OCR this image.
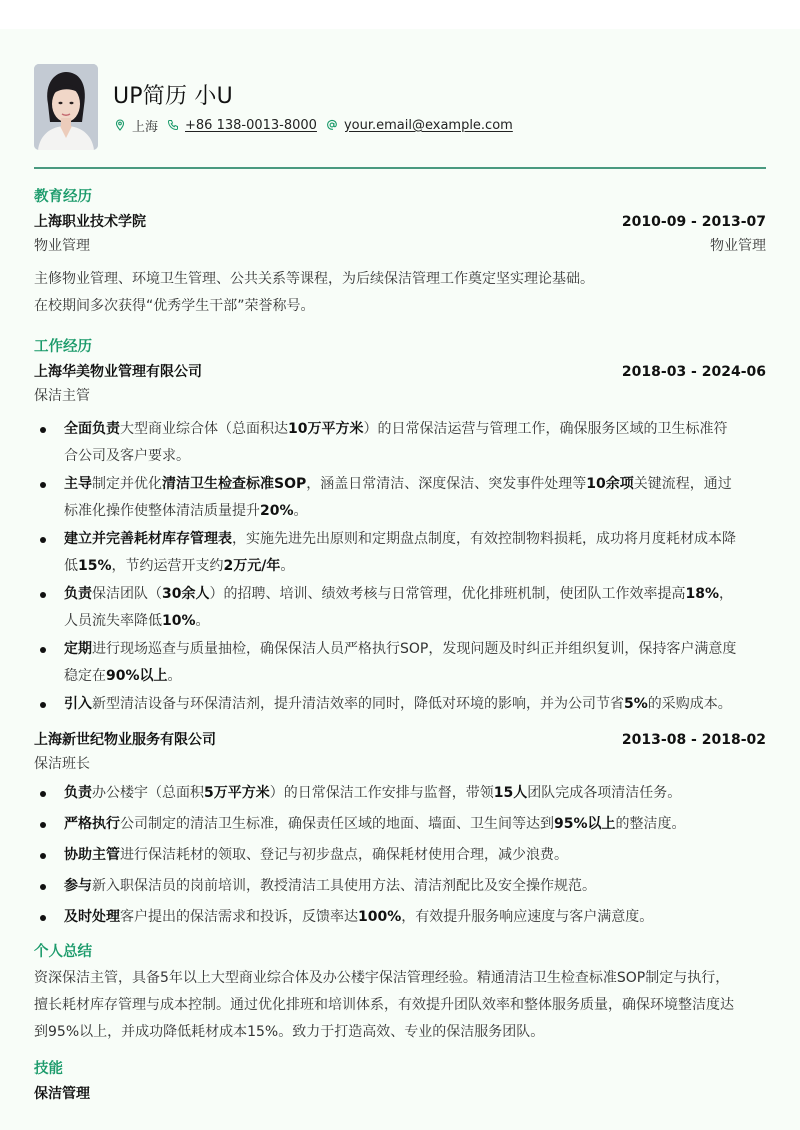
UP简历 小U
上海 +86 138-0013-8000 your.email@example.com
教育经历
上海职业技术学院	2010-09 - 2013-07
物业管理	物业管理
主修物业管理、环境卫生管理、公共关系等课程，为后续保洁管理工作奠定坚实理论基础。
在校期间多次获得“优秀学生干部”荣誉称号。
工作经历
上海华美物业管理有限公司	2018-03 - 2024-06
保洁主管
全面负责大型商业综合体（总面积达10万平方米）的日常保洁运营与管理工作，确保服务区域的卫生标准符合公司及客户要求。
主导制定并优化清洁卫生检查标准SOP，涵盖日常清洁、深度保洁、突发事件处理等10余项关键流程，通过标准化操作使整体清洁质量提升20%。
建立并完善耗材库存管理表，实施先进先出原则和定期盘点制度，有效控制物料损耗，成功将月度耗材成本降低15%，节约运营开支约2万元/年。
负责保洁团队（30余人）的招聘、培训、绩效考核与日常管理，优化排班机制，使团队工作效率提高18%，人员流失率降低10%。
定期进行现场巡查与质量抽检，确保保洁人员严格执行SOP，发现问题及时纠正并组织复训，保持客户满意度稳定在90%以上。
引入新型清洁设备与环保清洁剂，提升清洁效率的同时，降低对环境的影响，并为公司节省5%的采购成本。
上海新世纪物业服务有限公司	2013-08 - 2018-02
保洁班长
负责办公楼宇（总面积5万平方米）的日常保洁工作安排与监督，带领15人团队完成各项清洁任务。
严格执行公司制定的清洁卫生标准，确保责任区域的地面、墙面、卫生间等达到95%以上的整洁度。
协助主管进行保洁耗材的领取、登记与初步盘点，确保耗材使用合理，减少浪费。
参与新入职保洁员的岗前培训，教授清洁工具使用方法、清洁剂配比及安全操作规范。
及时处理客户提出的保洁需求和投诉，反馈率达100%，有效提升服务响应速度与客户满意度。
个人总结
资深保洁主管，具备5年以上大型商业综合体及办公楼宇保洁管理经验。精通清洁卫生检查标准SOP制定与执行，擅长耗材库存管理与成本控制。通过优化排班和培训体系，有效提升团队效率和整体服务质量，确保环境整洁度达到95%以上，并成功降低耗材成本15%。致力于打造高效、专业的保洁服务团队。
技能
保洁管理
